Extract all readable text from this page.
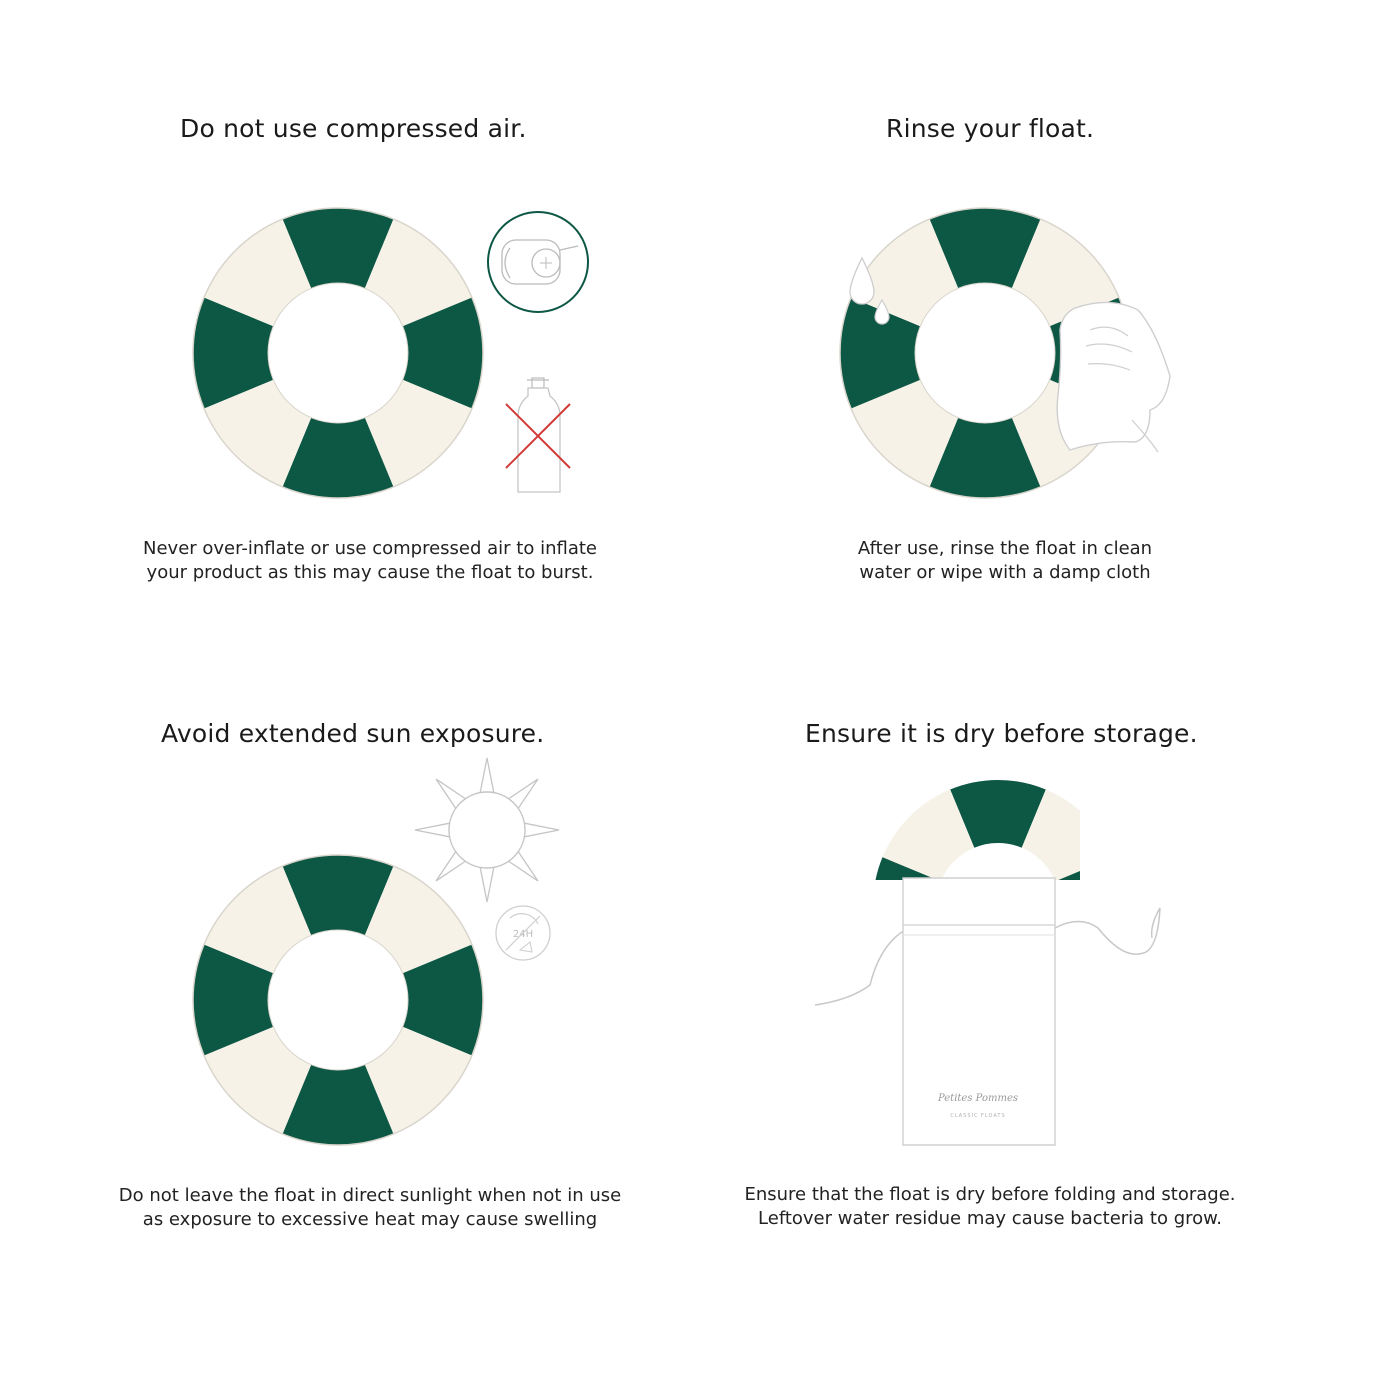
24H
Petites Pommes
CLASSIC FLOATS
Do not use compressed air.	Rinse your float.
Avoid extended sun exposure.	Ensure it is dry before storage.
Never over-inflate or use compressed air to inflate
your product as this may cause the float to burst.
After use, rinse the float in clean
water or wipe with a damp cloth
Do not leave the float in direct sunlight when not in use
as exposure to excessive heat may cause swelling
Ensure that the float is dry before folding and storage.
Leftover water residue may cause bacteria to grow.
